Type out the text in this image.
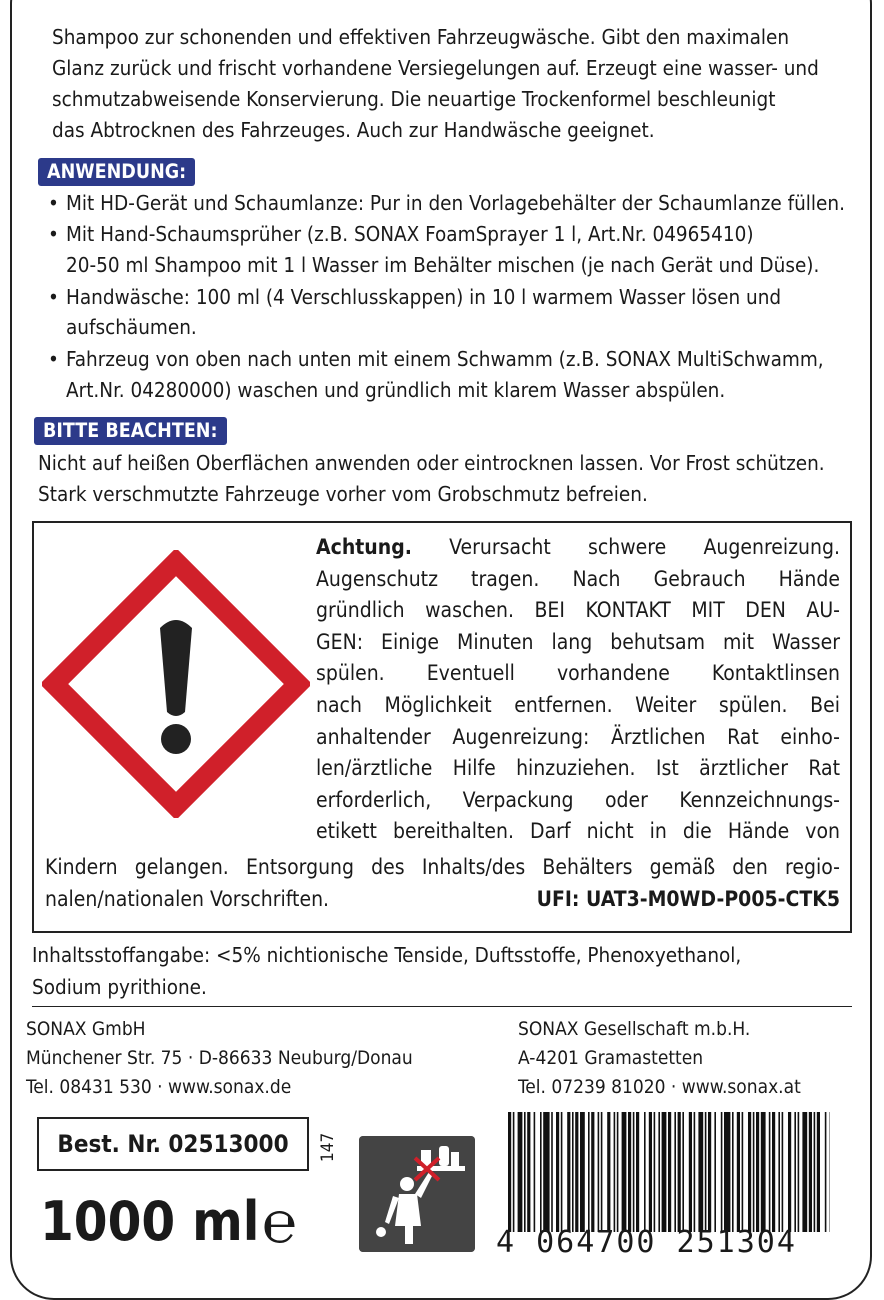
Shampoo zur schonenden und effektiven Fahrzeugwäsche. Gibt den maximalen
Glanz zurück und frischt vorhandene Versiegelungen auf. Erzeugt eine wasser- und
schmutzabweisende Konservierung. Die neuartige Trockenformel beschleunigt
das Abtrocknen des Fahrzeuges. Auch zur Handwäsche geeignet.
ANWENDUNG:
• Mit HD-Gerät und Schaumlanze: Pur in den Vorlagebehälter der Schaumlanze füllen.
• Mit Hand-Schaumsprüher (z.B. SONAX FoamSprayer 1 l, Art.Nr. 04965410)
20-50 ml Shampoo mit 1 l Wasser im Behälter mischen (je nach Gerät und Düse).
• Handwäsche: 100 ml (4 Verschlusskappen) in 10 l warmem Wasser lösen und
aufschäumen.
• Fahrzeug von oben nach unten mit einem Schwamm (z.B. SONAX MultiSchwamm,
Art.Nr. 04280000) waschen und gründlich mit klarem Wasser abspülen.
BITTE BEACHTEN:
Nicht auf heißen Oberflächen anwenden oder eintrocknen lassen. Vor Frost schützen.
Stark verschmutzte Fahrzeuge vorher vom Grobschmutz befreien.
Achtung. Verursacht schwere Augenreizung.
Augenschutz tragen. Nach Gebrauch Hände
gründlich waschen. BEI KONTAKT MIT DEN AU-
GEN: Einige Minuten lang behutsam mit Wasser
spülen. Eventuell vorhandene Kontaktlinsen
nach Möglichkeit entfernen. Weiter spülen. Bei
anhaltender Augenreizung: Ärztlichen Rat einho-
len/ärztliche Hilfe hinzuziehen. Ist ärztlicher Rat
erforderlich, Verpackung oder Kennzeichnungs-
etikett bereithalten. Darf nicht in die Hände von
Kindern gelangen. Entsorgung des Inhalts/des Behälters gemäß den regio-
nalen/nationalen Vorschriften.	UFI: UAT3-M0WD-P005-CTK5
Inhaltsstoffangabe: <5% nichtionische Tenside, Duftsstoffe, Phenoxyethanol,
Sodium pyrithione.
SONAX GmbH
Münchener Str. 75 · D-86633 Neuburg/Donau
Tel. 08431 530 · www.sonax.de
SONAX Gesellschaft m.b.H.
A-4201 Gramastetten
Tel. 07239 81020 · www.sonax.at
Best. Nr. 02513000	147
1000 ml ℮	4 064700 251304
